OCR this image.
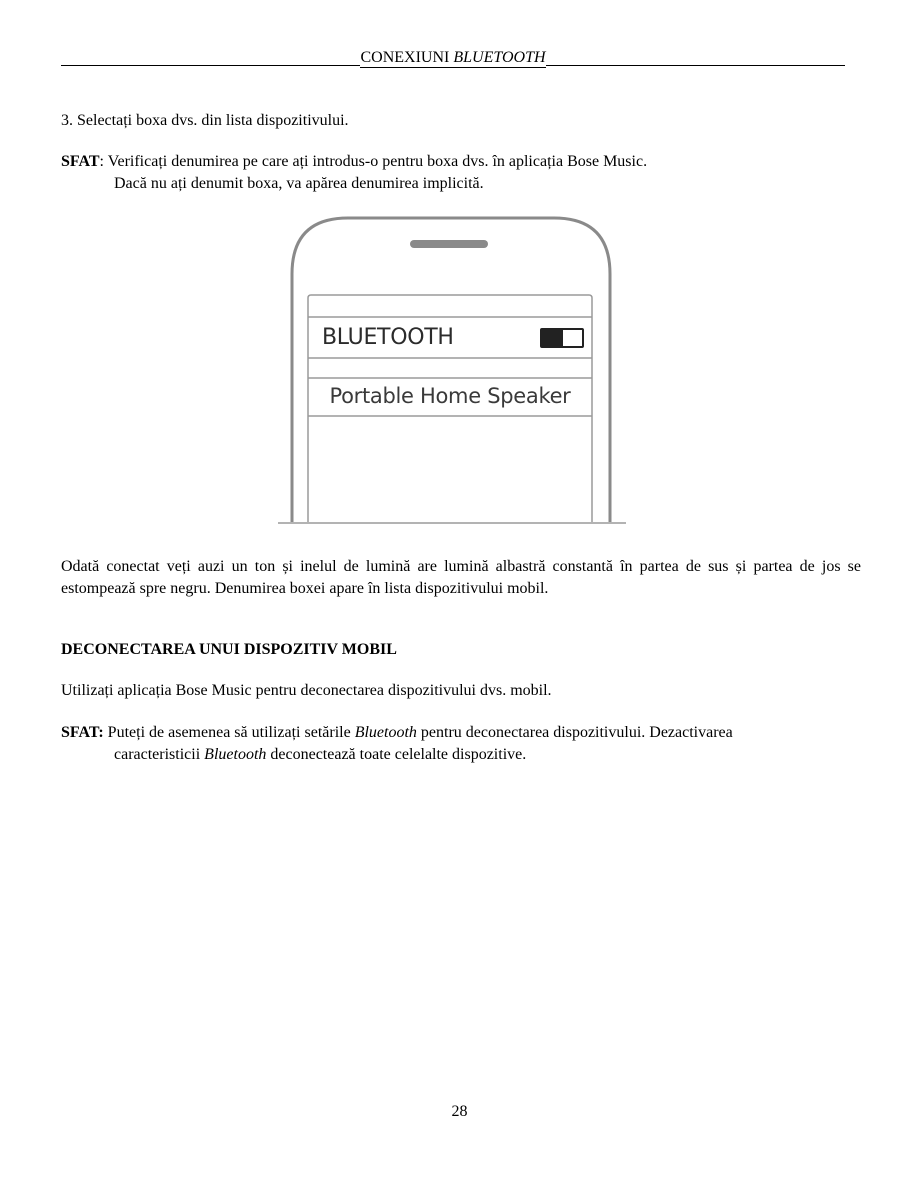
CONEXIUNI BLUETOOTH
3. Selectați boxa dvs. din lista dispozitivului.
SFAT: Verificați denumirea pe care ați introdus-o pentru boxa dvs. în aplicația Bose Music.
Dacă nu ați denumit boxa, va apărea denumirea implicită.
BLUETOOTH
Portable Home Speaker
Odată conectat veți auzi un ton și inelul de lumină are lumină albastră constantă în partea de sus și partea de jos se estompează spre negru. Denumirea boxei apare în lista dispozitivului mobil.
DECONECTAREA UNUI DISPOZITIV MOBIL
Utilizați aplicația Bose Music pentru deconectarea dispozitivului dvs. mobil.
SFAT: Puteți de asemenea să utilizați setările Bluetooth pentru deconectarea dispozitivului. Dezactivarea
caracteristicii Bluetooth deconectează toate celelalte dispozitive.
28
